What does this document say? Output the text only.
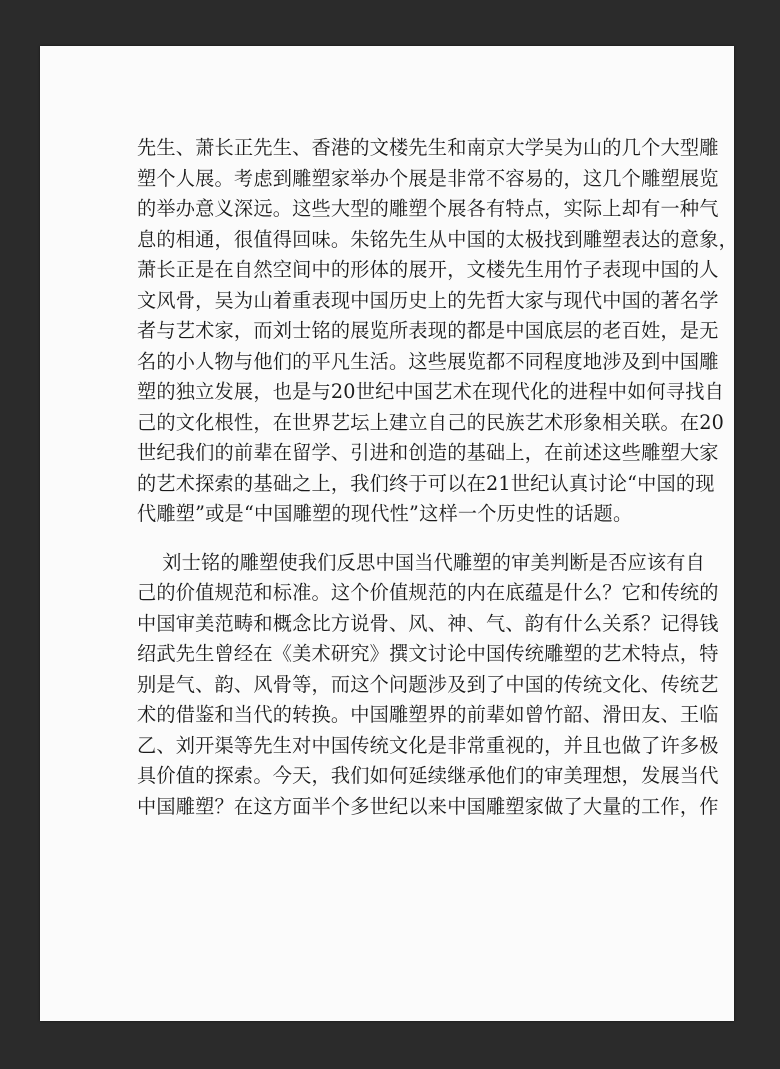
先生、萧长正先生、香港的文楼先生和南京大学吴为山的几个大型雕
塑个人展。考虑到雕塑家举办个展是非常不容易的，这几个雕塑展览
的举办意义深远。这些大型的雕塑个展各有特点，实际上却有一种气
息的相通，很值得回味。朱铭先生从中国的太极找到雕塑表达的意象，
萧长正是在自然空间中的形体的展开，文楼先生用竹子表现中国的人
文风骨，吴为山着重表现中国历史上的先哲大家与现代中国的著名学
者与艺术家，而刘士铭的展览所表现的都是中国底层的老百姓，是无
名的小人物与他们的平凡生活。这些展览都不同程度地涉及到中国雕
塑的独立发展，也是与20世纪中国艺术在现代化的进程中如何寻找自
己的文化根性，在世界艺坛上建立自己的民族艺术形象相关联。在20
世纪我们的前辈在留学、引进和创造的基础上，在前述这些雕塑大家
的艺术探索的基础之上，我们终于可以在21世纪认真讨论“中国的现
代雕塑”或是“中国雕塑的现代性”这样一个历史性的话题。
刘士铭的雕塑使我们反思中国当代雕塑的审美判断是否应该有自
己的价值规范和标准。这个价值规范的内在底蕴是什么？它和传统的
中国审美范畴和概念比方说骨、风、神、气、韵有什么关系？记得钱
绍武先生曾经在《美术研究》撰文讨论中国传统雕塑的艺术特点，特
别是气、韵、风骨等，而这个问题涉及到了中国的传统文化、传统艺
术的借鉴和当代的转换。中国雕塑界的前辈如曾竹韶、滑田友、王临
乙、刘开渠等先生对中国传统文化是非常重视的，并且也做了许多极
具价值的探索。今天，我们如何延续继承他们的审美理想，发展当代
中国雕塑？在这方面半个多世纪以来中国雕塑家做了大量的工作，作
